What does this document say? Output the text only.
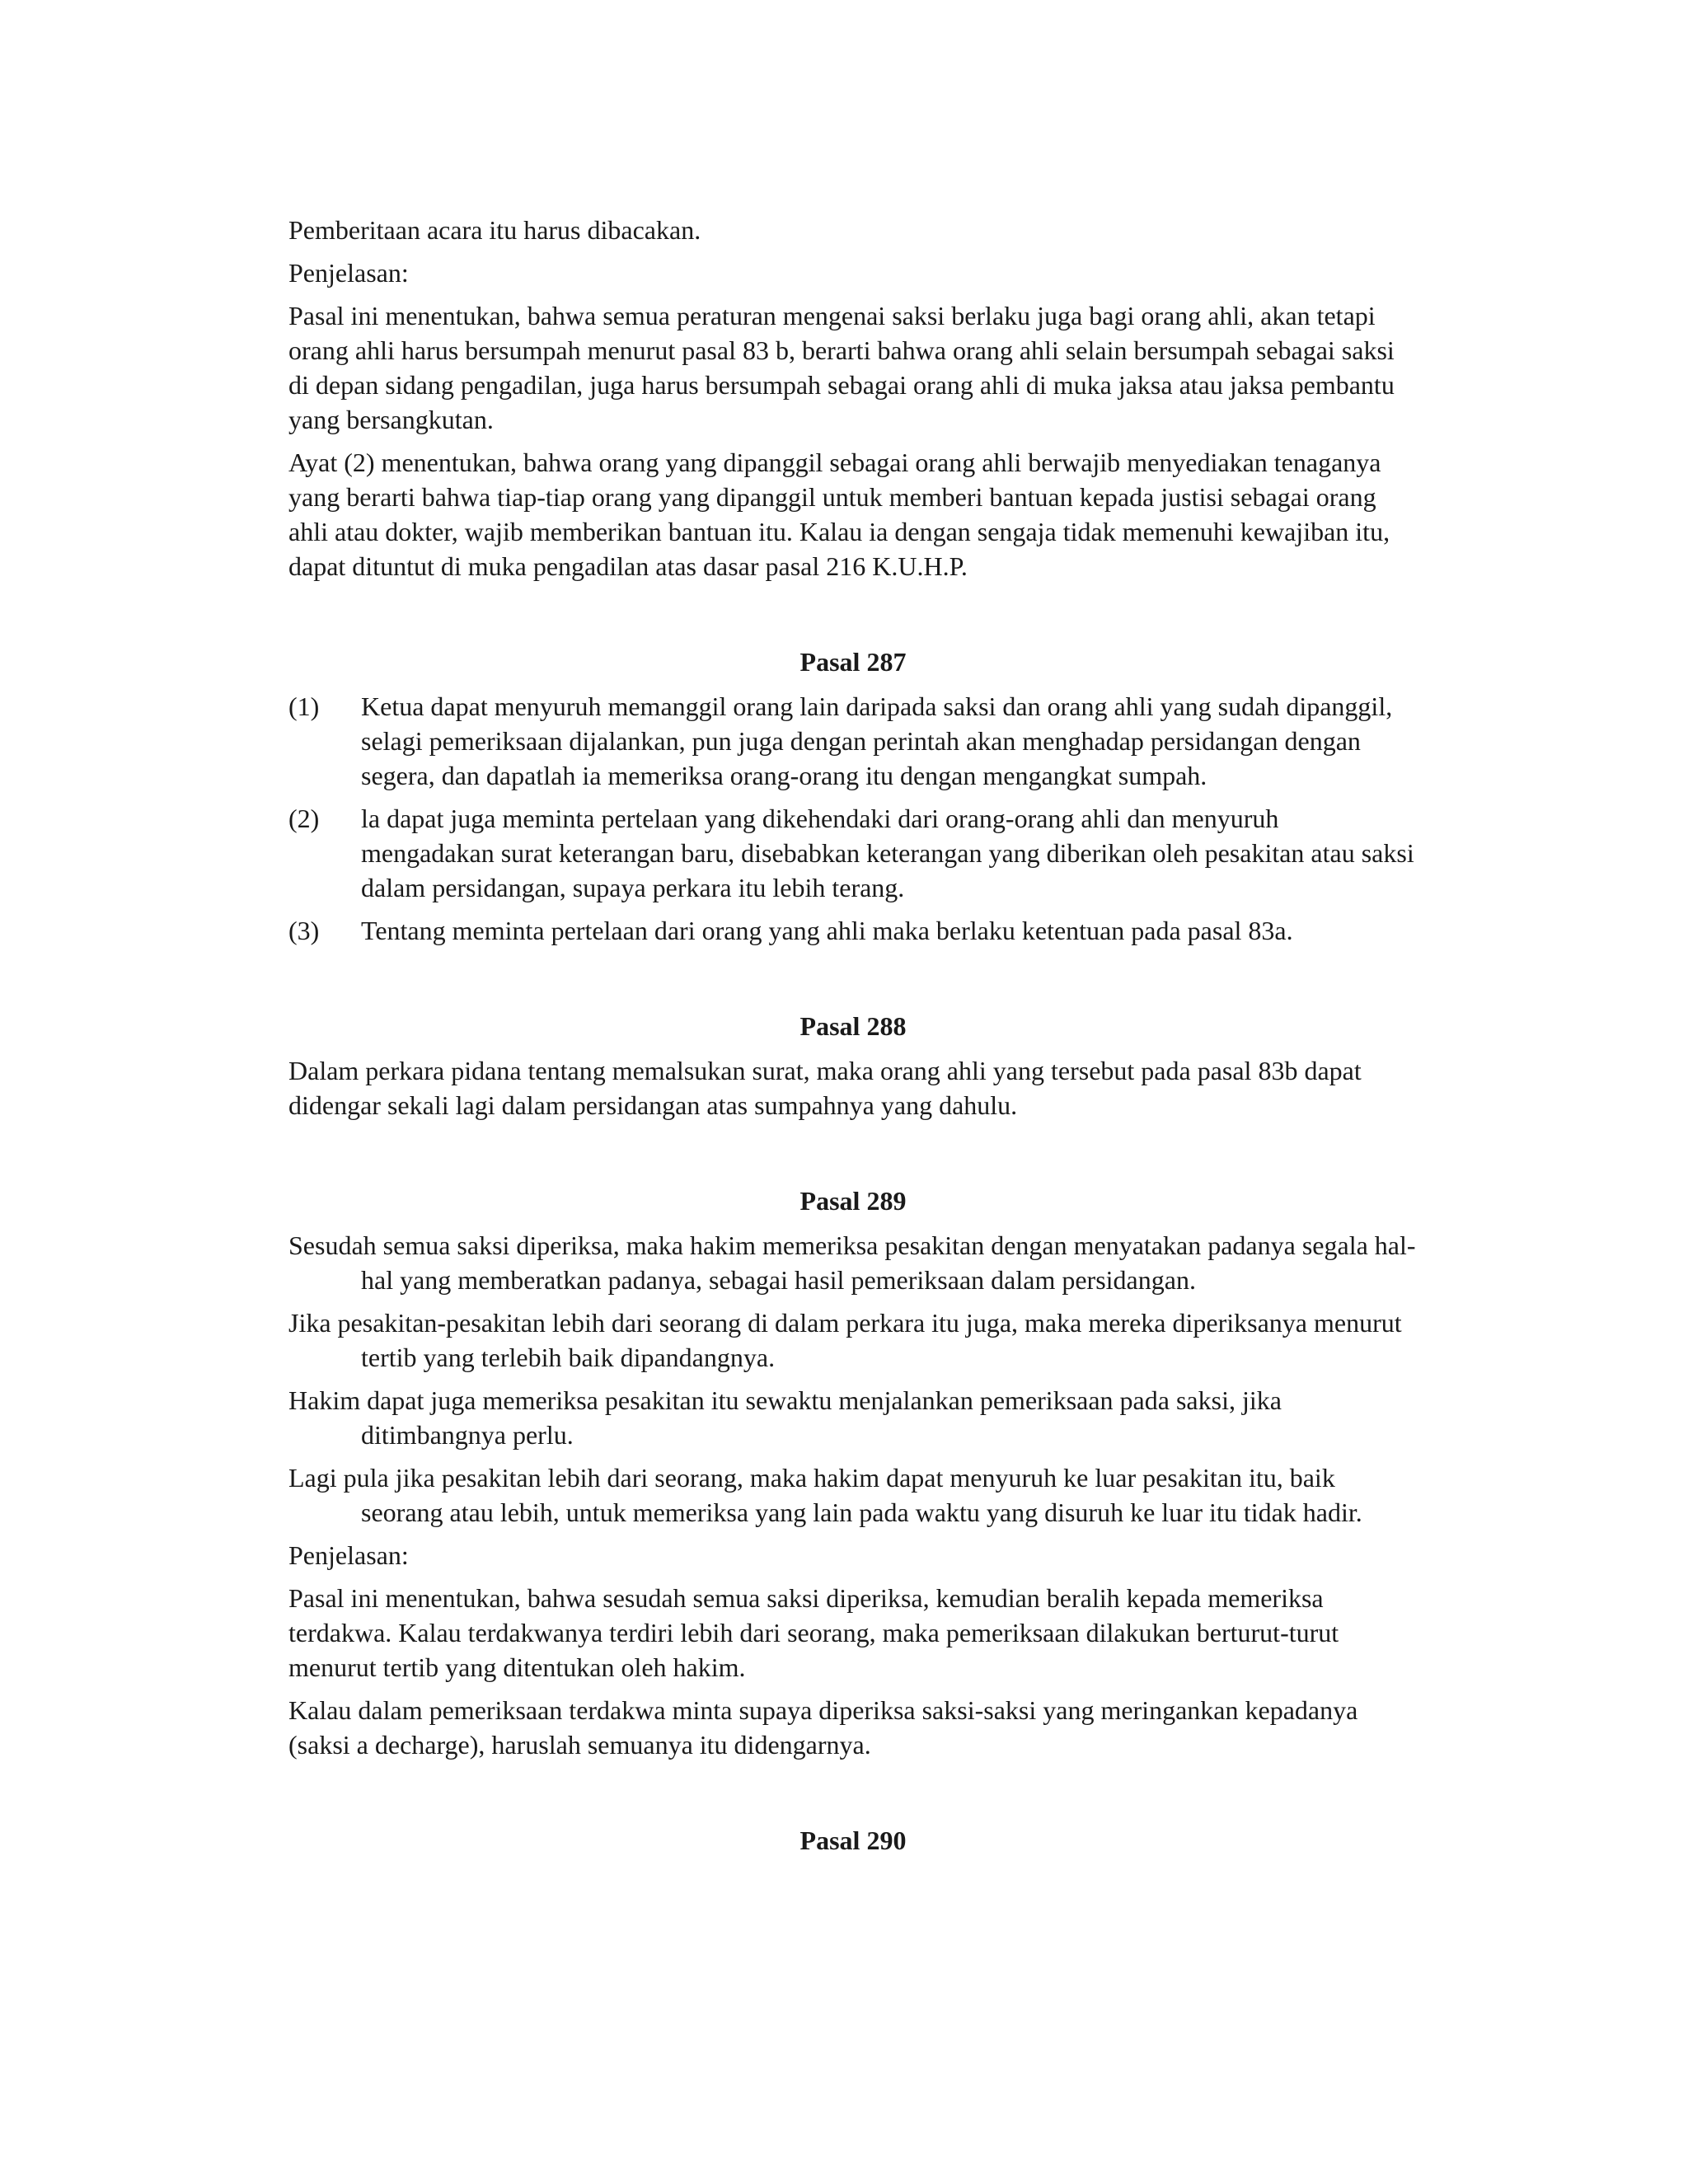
Pemberitaan acara itu harus dibacakan.

Penjelasan:

Pasal ini menentukan, bahwa semua peraturan mengenai saksi berlaku juga bagi orang ahli, akan tetapi orang ahli harus bersumpah menurut pasal 83 b, berarti bahwa orang ahli selain bersumpah sebagai saksi di depan sidang pengadilan, juga harus bersumpah sebagai orang ahli di muka jaksa atau jaksa pembantu yang bersangkutan.

Ayat (2) menentukan, bahwa orang yang dipanggil sebagai orang ahli berwajib menyediakan tenaganya yang berarti bahwa tiap-tiap orang yang dipanggil untuk memberi bantuan kepada justisi sebagai orang ahli atau dokter, wajib memberikan bantuan itu. Kalau ia dengan sengaja tidak memenuhi kewajiban itu, dapat dituntut di muka pengadilan atas dasar pasal 216 K.U.H.P.

Pasal 287

(1)	Ketua dapat menyuruh memanggil orang lain daripada saksi dan orang ahli yang sudah dipanggil, selagi pemeriksaan dijalankan, pun juga dengan perintah akan menghadap persidangan dengan segera, dan dapatlah ia memeriksa orang-orang itu dengan mengangkat sumpah.
(2)	la dapat juga meminta pertelaan yang dikehendaki dari orang-orang ahli dan menyuruh mengadakan surat keterangan baru, disebabkan keterangan yang diberikan oleh pesakitan atau saksi dalam persidangan, supaya perkara itu lebih terang.
(3)	Tentang meminta pertelaan dari orang yang ahli maka berlaku ketentuan pada pasal 83a.

Pasal 288

Dalam perkara pidana tentang memalsukan surat, maka orang ahli yang tersebut pada pasal 83b dapat didengar sekali lagi dalam persidangan atas sumpahnya yang dahulu.

Pasal 289

Sesudah semua saksi diperiksa, maka hakim memeriksa pesakitan dengan menyatakan padanya segala hal-hal yang memberatkan padanya, sebagai hasil pemeriksaan dalam persidangan.

Jika pesakitan-pesakitan lebih dari seorang di dalam perkara itu juga, maka mereka diperiksanya menurut tertib yang terlebih baik dipandangnya.

Hakim dapat juga memeriksa pesakitan itu sewaktu menjalankan pemeriksaan pada saksi, jika ditimbangnya perlu.

Lagi pula jika pesakitan lebih dari seorang, maka hakim dapat menyuruh ke luar pesakitan itu, baik seorang atau lebih, untuk memeriksa yang lain pada waktu yang disuruh ke luar itu tidak hadir.

Penjelasan:

Pasal ini menentukan, bahwa sesudah semua saksi diperiksa, kemudian beralih kepada memeriksa terdakwa. Kalau terdakwanya terdiri lebih dari seorang, maka pemeriksaan dilakukan berturut-turut menurut tertib yang ditentukan oleh hakim.

Kalau dalam pemeriksaan terdakwa minta supaya diperiksa saksi-saksi yang meringankan kepadanya (saksi a decharge), haruslah semuanya itu didengarnya.

Pasal 290
